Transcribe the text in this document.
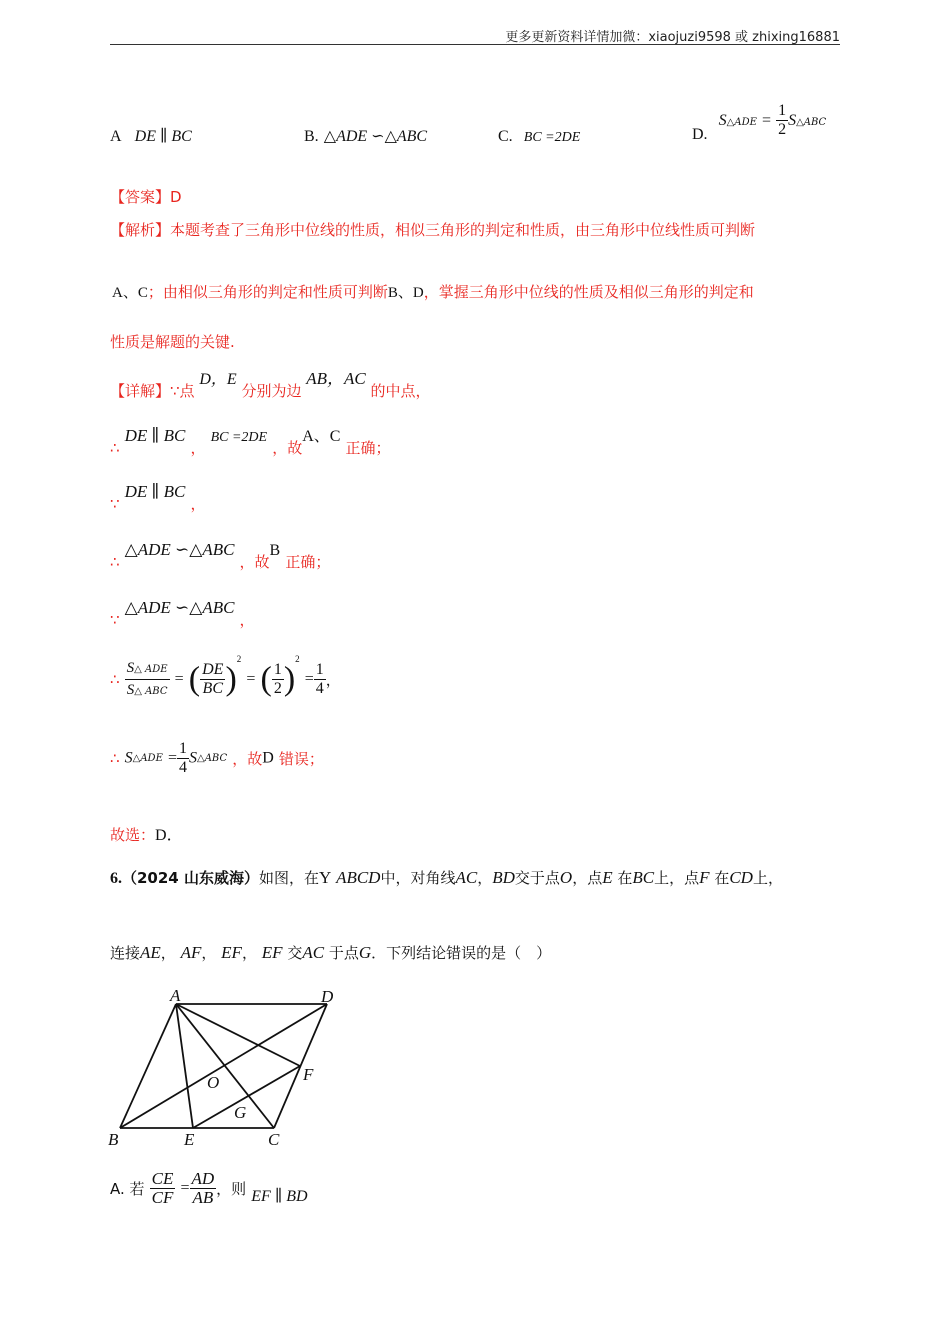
更多更新资料详情加微：xiaojuzi9598 或 zhixing16881
A DE ∥ BC	B. △ADE ∽△ABC	C. BC =2DE	D. S△ADE = $\frac{1}{2}$ S△ABC
【答案】D
【解析】本题考查了三角形中位线的性质，相似三角形的判定和性质，由三角形中位线性质可判断
A、C；由相似三角形的判定和性质可判断B、D，掌握三角形中位线的性质及相似三角形的判定和
性质是解题的关键.
【详解】∵点 D，E 分别为边 AB，AC 的中点，
∴ DE ∥ BC ， BC =2DE ，故A、C 正确；
∵ DE ∥ BC ，
∴ △ADE ∽△ABC ，故B 正确；
∵ △ADE ∽△ABC ，
∴ $\frac{\text{S△ ADE}}{\text{S△ ABC}}$ = ( $\frac{DE}{BC} )^2$ = ( $\frac{1}{2} )^2 = \frac{1}{4}$ ，
∴ S△ADE = $\frac{1}{4}$ S△ABC ，故D 错误；
故选：D．
6.（2024 山东威海）如图，在Y ABCD中，对角线AC，BD交于点O，点E 在BC上，点F 在CD上，
连接AE， AF， EF， EF 交AC 于点G．下列结论错误的是（　）
A	D
B	E	C
F
O
G
A. 若 $\frac{CE}{CF} = \frac{AD}{AB}$ ，则 EF ∥ BD
